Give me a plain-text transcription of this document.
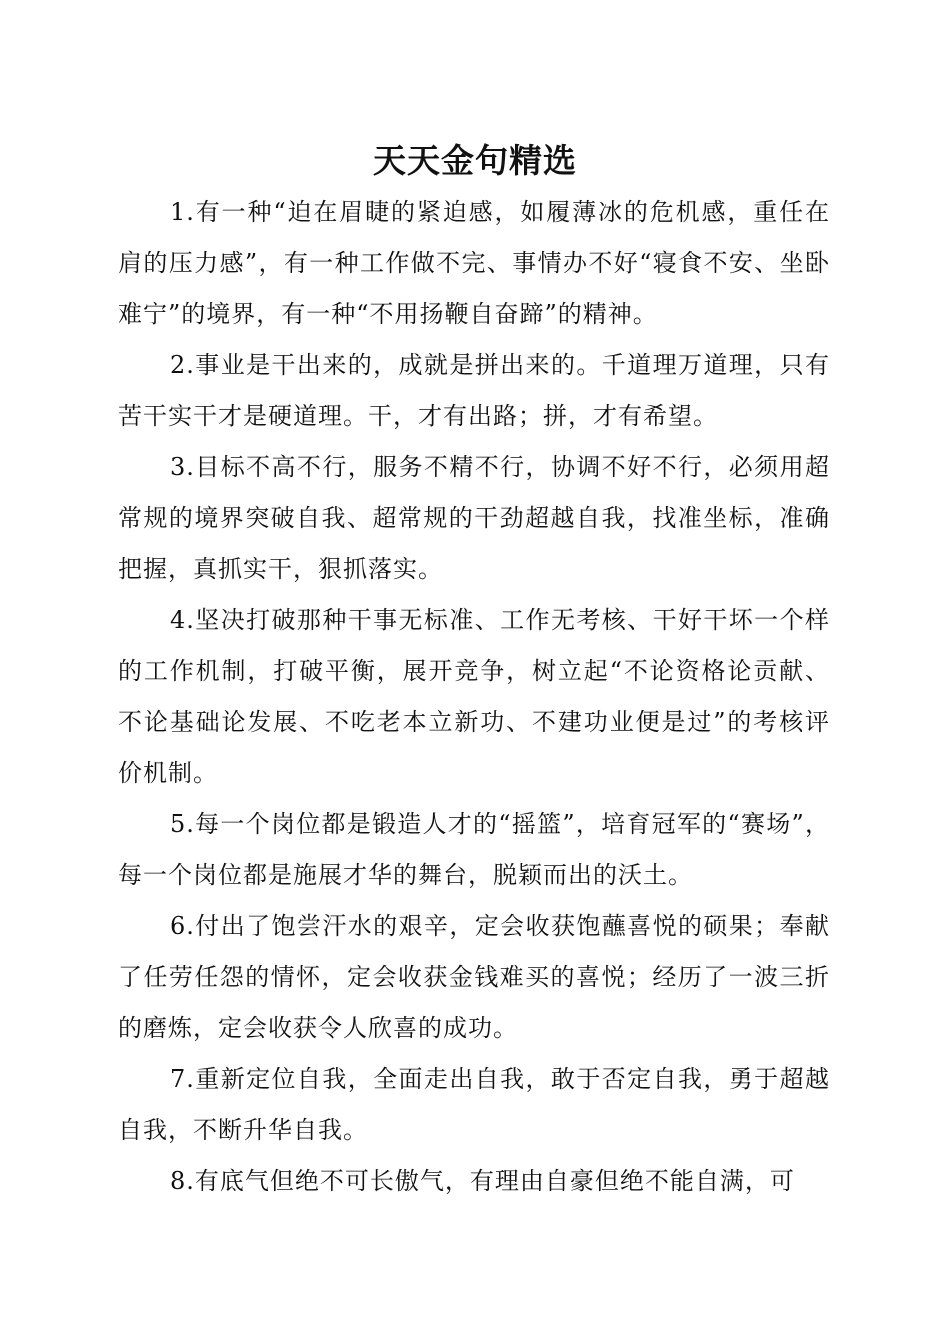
天天金句精选

1.有一种“迫在眉睫的紧迫感，如履薄冰的危机感，重任在肩的压力感”，有一种工作做不完、事情办不好“寝食不安、坐卧难宁”的境界，有一种“不用扬鞭自奋蹄”的精神。

2.事业是干出来的，成就是拼出来的。千道理万道理，只有苦干实干才是硬道理。干，才有出路；拼，才有希望。

3.目标不高不行，服务不精不行，协调不好不行，必须用超常规的境界突破自我、超常规的干劲超越自我，找准坐标，准确把握，真抓实干，狠抓落实。

4.坚决打破那种干事无标准、工作无考核、干好干坏一个样的工作机制，打破平衡，展开竞争，树立起“不论资格论贡献、不论基础论发展、不吃老本立新功、不建功业便是过”的考核评价机制。

5.每一个岗位都是锻造人才的“摇篮”，培育冠军的“赛场”，每一个岗位都是施展才华的舞台，脱颖而出的沃土。

6.付出了饱尝汗水的艰辛，定会收获饱蘸喜悦的硕果；奉献了任劳任怨的情怀，定会收获金钱难买的喜悦；经历了一波三折的磨炼，定会收获令人欣喜的成功。

7.重新定位自我，全面走出自我，敢于否定自我，勇于超越自我，不断升华自我。

8.有底气但绝不可长傲气，有理由自豪但绝不能自满，可
